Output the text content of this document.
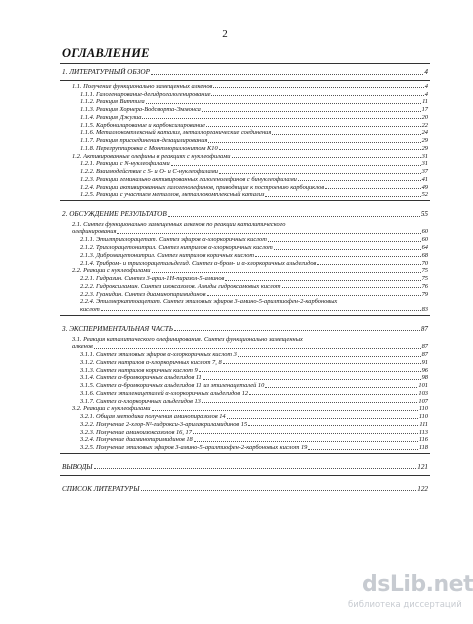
2
ОГЛАВЛЕНИЕ
1. ЛИТЕРАТУРНЫЙ ОБЗОР	4
1.1. Получение функционально замещенных алкенов	4
1.1.1. Галогенирование-дегидрогалогенирование	4
1.1.2. Реакция Виттига	11
1.1.3. Реакция Хорнера-Водсворта-Эммонса	17
1.1.4. Реакция Джулиа	20
1.1.5. Карбонилирование и карбоксилирование	22
1.1.6. Металлокомплексный катализ, металлорганические соединения	24
1.1.7. Реакция присоединения-дезацилирования	29
1.1.8. Перегруппировка с Монтмориллонитом K10	29
1.2. Активированные олефины в реакциях с нуклеофилами	31
1.2.1. Реакции с N-нуклеофилами	31
1.2.2. Взаимодействие с S- и O- и C-нуклеофилами	37
1.2.3. Реакции геминально активированных галогенолефинов с бинуклеофилами	41
1.2.4. Реакции активированных галогенолефинов, приводящие к построению карбоциклов	49
1.2.5. Реакции с участием металлов, металлокомплексный катализ	52
2. ОБСУЖДЕНИЕ РЕЗУЛЬТАТОВ	55
2.1. Синтез функционально замещенных алкенов по реакции каталитического
олефинирования	60
2.1.1. Этилтрихлорацетат. Синтез эфиров α-хлоркоричных кислот	60
2.1.2. Трихлорацетонитрил. Синтез нитрилов α-хлоркоричных кислот	64
2.1.3. Дибромацетонитрил. Синтез нитрилов коричных кислот	68
2.1.4. Трибром- и трихлорацетальдегид. Синтез α-бром- и α-хлоркоричных альдегидов	70
2.2. Реакции с нуклеофилами	75
2.2.1. Гидразин. Синтез 3-арил-1Н-пиразол-5-аминов	75
2.2.2. Гидроксиламин. Синтез изоксазолов. Амиды гидроксамовых кислот	76
2.2.3. Гуанидин. Синтез диаминопиримидинов	79
2.2.4. Этилмеркаптоацетат. Синтез этиловых эфиров 3-амино-5-арилтиофен-2-карбоновых
кислот	83
3. ЭКСПЕРИМЕНТАЛЬНАЯ ЧАСТЬ	87
3.1. Реакция каталитического олефинирования. Синтез функционально замещенных
алкенов	87
3.1.1. Синтез этиловых эфиров α-хлоркоричных кислот 3	87
3.1.2. Синтез нитрилов α-хлоркоричных кислот 7, 8	91
3.1.3. Синтез нитрилов коричных кислот 9	96
3.1.4. Синтез α-бромкоричных альдегидов 11	98
3.1.5. Синтез α-бромкоричных альдегидов 11 из этиленацеталей 10	101
3.1.6. Синтез этиленацеталей α-хлоркоричных альдегидов 12	103
3.1.7. Синтез α-хлоркоричных альдегидов 13	107
3.2. Реакции с нуклеофилами	110
3.2.1. Общая методика получения аминопиразолов 14	110
3.2.2. Получение 2-хлор-N²-гидрокси-3-арилакриламидинов 15	111
3.2.3. Получение аминоизоксазолов 16, 17	113
3.2.4. Получение диаминопиримидинов 18	116
3.2.5. Получение этиловых эфиров 3-амино-5-арилтиофен-2-карбоновых кислот 19	118
ВЫВОДЫ	121
СПИСОК ЛИТЕРАТУРЫ	122
dsLib.net
библиотека диссертаций
